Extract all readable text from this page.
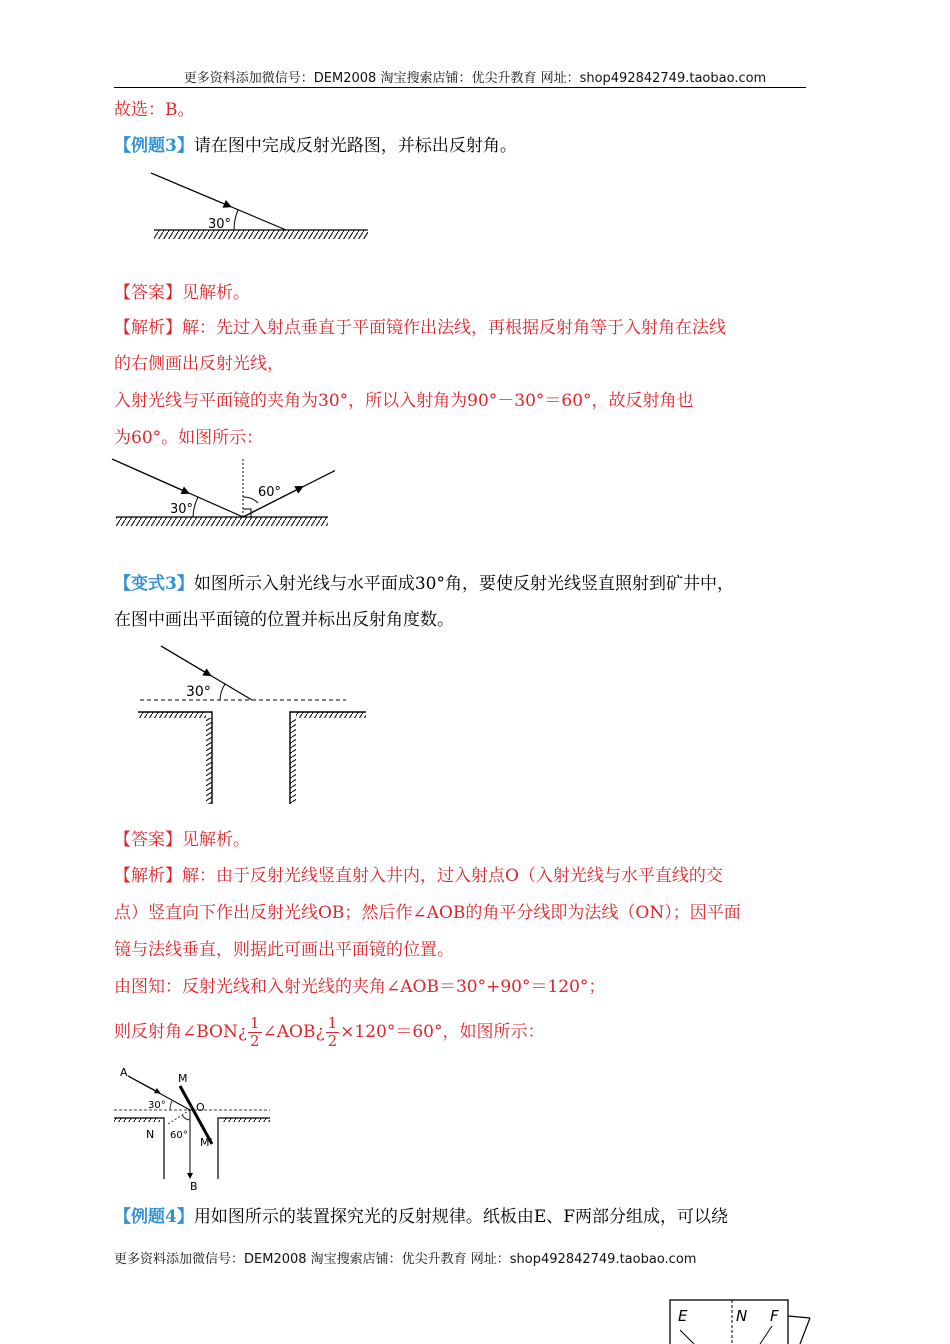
更多资料添加微信号：DEM2008 淘宝搜索店铺：优尖升教育 网址：shop492842749.taobao.com
故选：B。
【例题3】请在图中完成反射光路图，并标出反射角。
30°
【答案】见解析。
【解析】解：先过入射点垂直于平面镜作出法线，再根据反射角等于入射角在法线
的右侧画出反射光线，
入射光线与平面镜的夹角为30°，所以入射角为90°－30°＝60°，故反射角也
为60°。如图所示：
30°
60°
【变式3】如图所示入射光线与水平面成30°角，要使反射光线竖直照射到矿井中，
在图中画出平面镜的位置并标出反射角度数。
30°
【答案】见解析。
【解析】解：由于反射光线竖直射入井内，过入射点O（入射光线与水平直线的交
点）竖直向下作出反射光线OB；然后作∠AOB的角平分线即为法线（ON）；因平面
镜与法线垂直，则据此可画出平面镜的位置。
由图知：反射光线和入射光线的夹角∠AOB＝30°+90°＝120°；
则反射角∠BON¿ $\frac{1}{2}$ ∠AOB¿ $\frac{1}{2} \times 120^\circ=60^\circ$，如图所示：
A	M
O
30°
N 60°
M'
B
【例题4】用如图所示的装置探究光的反射规律。纸板由E、F两部分组成，可以绕
更多资料添加微信号：DEM2008 淘宝搜索店铺：优尖升教育 网址：shop492842749.taobao.com
E	N F
